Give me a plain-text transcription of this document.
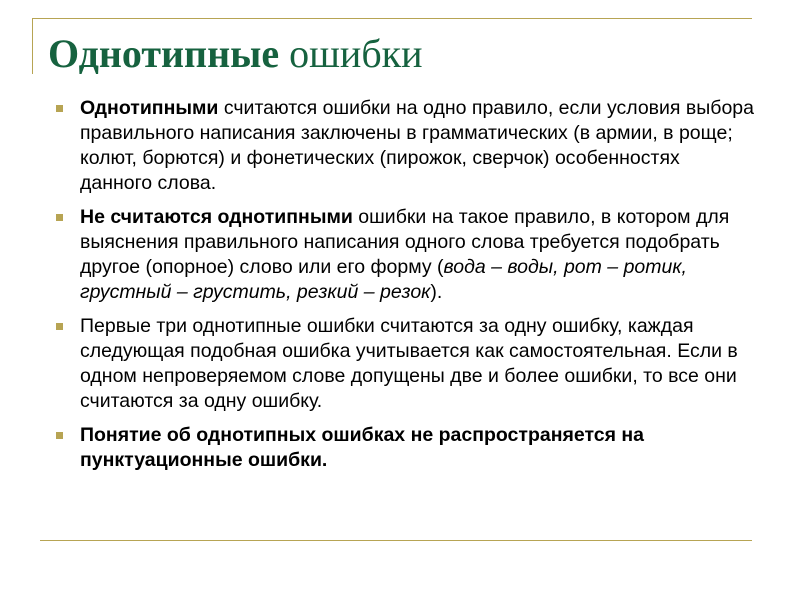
Однотипные ошибки
Однотипными считаются ошибки на одно правило, если условия выбора правильного написания заключены в грамматических (в армии, в роще; колют, борются) и фонетических (пирожок, сверчок) особенностях данного слова.
Не считаются однотипными ошибки на такое правило, в котором для выяснения правильного написания одного слова требуется подобрать другое (опорное) слово или его форму (вода – воды, рот – ротик, грустный – грустить, резкий – резок).
Первые три однотипные ошибки считаются за одну ошибку, каждая следующая подобная ошибка учитывается как самостоятельная. Если в одном непроверяемом слове допущены две и более ошибки, то все они считаются за одну ошибку.
Понятие об однотипных ошибках не распространяется на пунктуационные ошибки.
